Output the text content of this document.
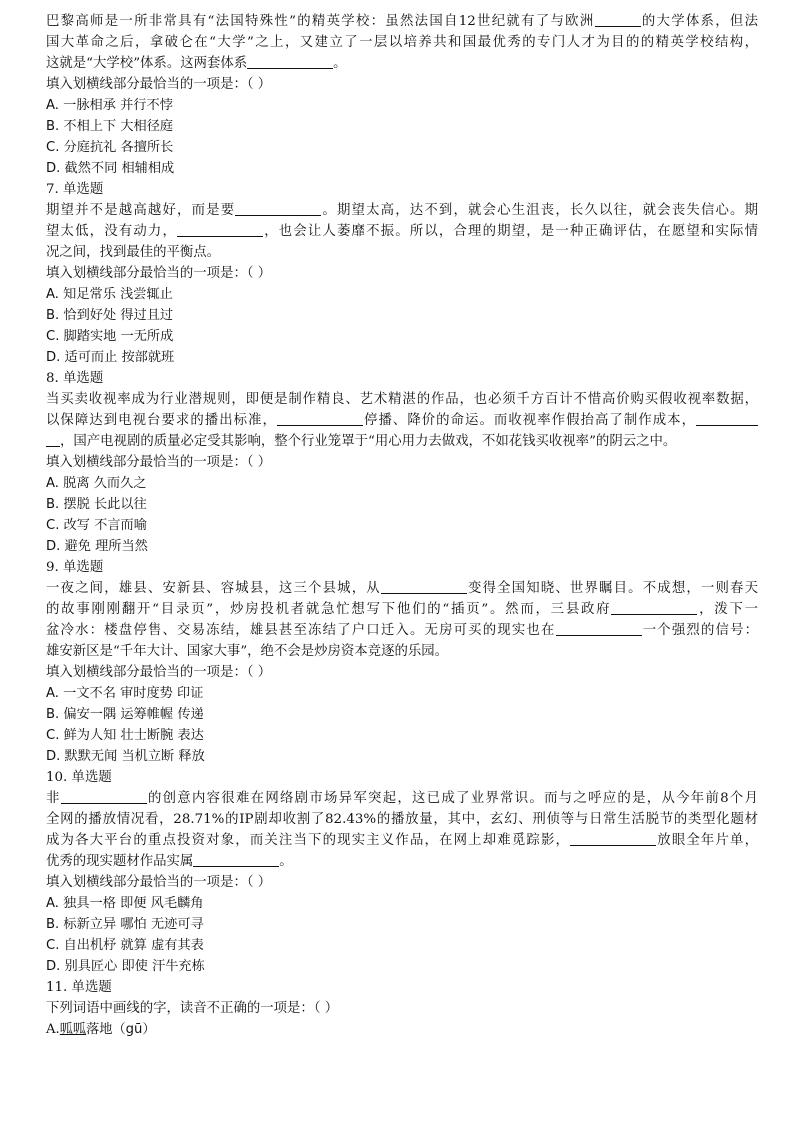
巴黎高师是一所非常具有“法国特殊性”的精英学校：虽然法国自12世纪就有了与欧洲	的大学体系，但法
国大革命之后，拿破仑在“大学”之上，又建立了一层以培养共和国最优秀的专门人才为目的的精英学校结构，
这就是“大学校”体系。这两套体系	。
填入划横线部分最恰当的一项是：（ ）
A. 一脉相承 并行不悖
B. 不相上下 大相径庭
C. 分庭抗礼 各擅所长
D. 截然不同 相辅相成
7. 单选题
期望并不是越高越好，而是要	。期望太高，达不到，就会心生沮丧，长久以往，就会丧失信心。期
望太低，没有动力，	，也会让人萎靡不振。所以，合理的期望，是一种正确评估，在愿望和实际情
况之间，找到最佳的平衡点。
填入划横线部分最恰当的一项是：（ ）
A. 知足常乐 浅尝辄止
B. 恰到好处 得过且过
C. 脚踏实地 一无所成
D. 适可而止 按部就班
8. 单选题
当买卖收视率成为行业潜规则，即便是制作精良、艺术精湛的作品，也必须千方百计不惜高价购买假收视率数据，
以保障达到电视台要求的播出标准，	停播、降价的命运。而收视率作假抬高了制作成本，
，国产电视剧的质量必定受其影响，整个行业笼罩于“用心用力去做戏，不如花钱买收视率”的阴云之中。
填入划横线部分最恰当的一项是：（ ）
A. 脱离 久而久之
B. 摆脱 长此以往
C. 改写 不言而喻
D. 避免 理所当然
9. 单选题
一夜之间，雄县、安新县、容城县，这三个县城，从	变得全国知晓、世界瞩目。不成想，一则春天
的故事刚刚翻开“目录页”，炒房投机者就急忙想写下他们的“插页”。然而，三县政府	，泼下一
盆冷水：楼盘停售、交易冻结，雄县甚至冻结了户口迁入。无房可买的现实也在	一个强烈的信号：
雄安新区是“千年大计、国家大事”，绝不会是炒房资本竞逐的乐园。
填入划横线部分最恰当的一项是：（ ）
A. 一文不名 审时度势 印证
B. 偏安一隅 运筹帷幄 传递
C. 鲜为人知 壮士断腕 表达
D. 默默无闻 当机立断 释放
10. 单选题
非	的创意内容很难在网络剧市场异军突起，这已成了业界常识。而与之呼应的是，从今年前8个月
全网的播放情况看，28.71%的IP剧却收割了82.43%的播放量，其中，玄幻、刑侦等与日常生活脱节的类型化题材
成为各大平台的重点投资对象，而关注当下的现实主义作品，在网上却难觅踪影，	放眼全年片单，
优秀的现实题材作品实属	。
填入划横线部分最恰当的一项是：（ ）
A. 独具一格 即便 风毛麟角
B. 标新立异 哪怕 无迹可寻
C. 自出机杼 就算 虚有其表
D. 别具匠心 即使 汗牛充栋
11. 单选题
下列词语中画线的字，读音不正确的一项是：（ ）
A.呱呱落地（gū）
